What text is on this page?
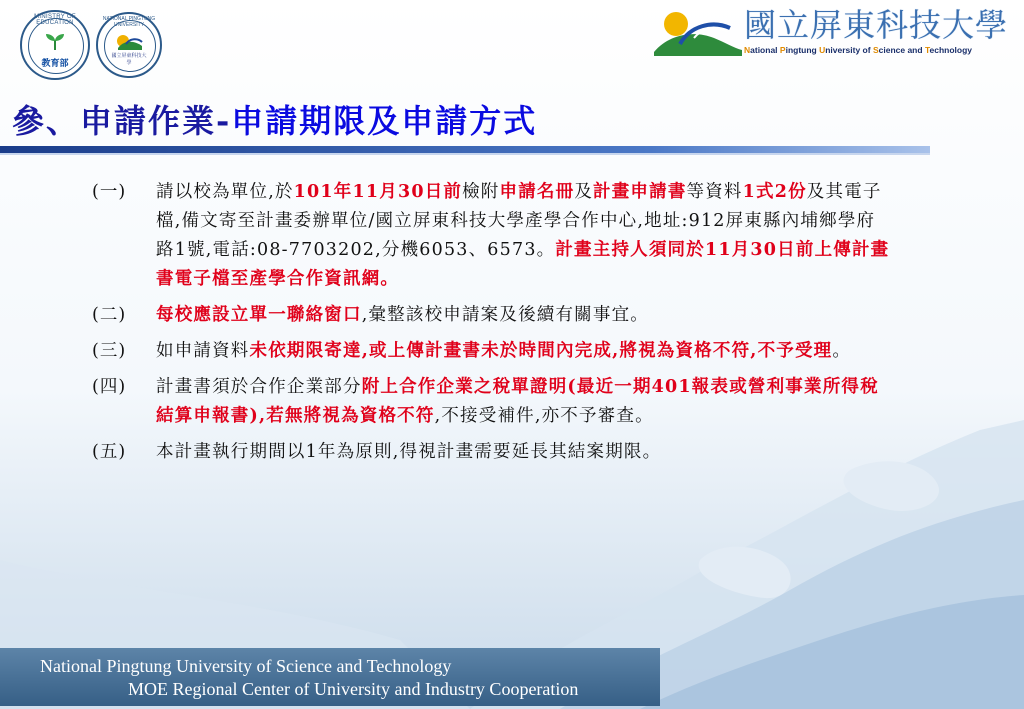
MINISTRY OF EDUCATION
教育部
NATIONAL PINGTUNG UNIVERSITY
國立屏東科技大學
國立屏東科技大學
National Pingtung University of Science and Technology
參、申請作業-申請期限及申請方式
(一) 請以校為單位,於101年11月30日前檢附申請名冊及計畫申請書等資料1式2份及其電子檔,備文寄至計畫委辦單位/國立屏東科技大學產學合作中心,地址:912屏東縣內埔鄉學府路1號,電話:08-7703202,分機6053、6573。計畫主持人須同於11月30日前上傳計畫書電子檔至產學合作資訊網。
(二) 每校應設立單一聯絡窗口,彙整該校申請案及後續有關事宜。
(三) 如申請資料未依期限寄達,或上傳計畫書未於時間內完成,將視為資格不符,不予受理。
(四) 計畫書須於合作企業部分附上合作企業之稅單證明(最近一期401報表或營利事業所得稅結算申報書),若無將視為資格不符,不接受補件,亦不予審查。
(五) 本計畫執行期間以1年為原則,得視計畫需要延長其結案期限。
National Pingtung University of Science and Technology
MOE Regional Center of University and Industry Cooperation
